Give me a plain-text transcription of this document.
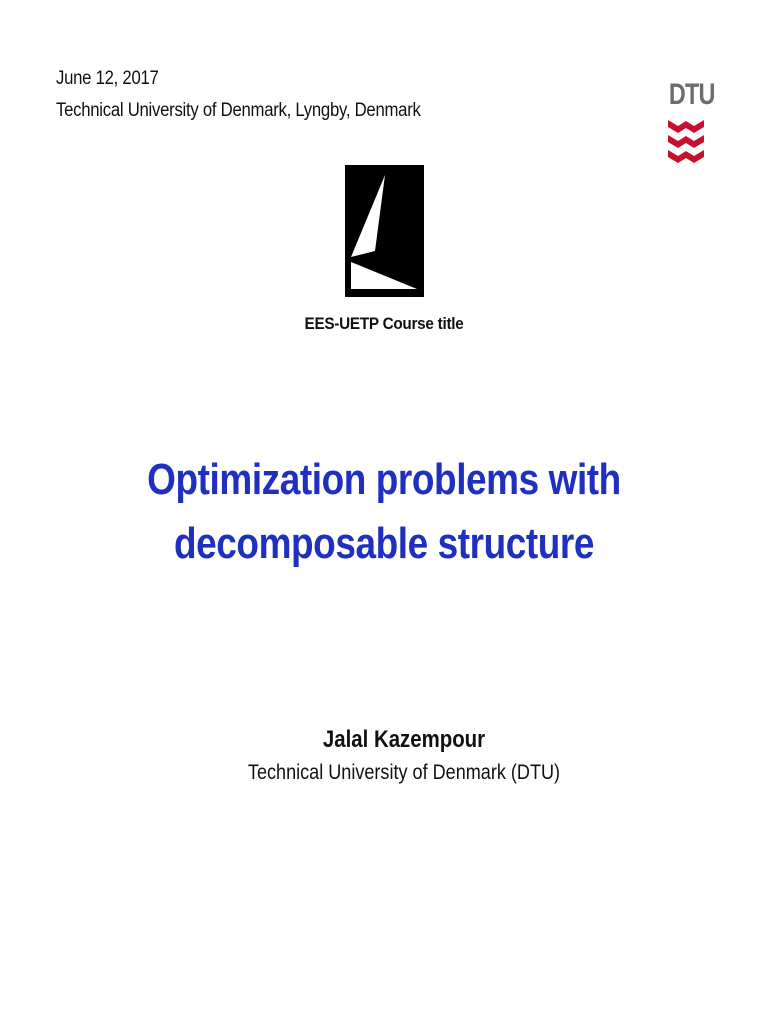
June 12, 2017
Technical University of Denmark, Lyngby, Denmark	DTU
EES-UETP Course title
Optimization problems with
decomposable structure
Jalal Kazempour
Technical University of Denmark (DTU)
